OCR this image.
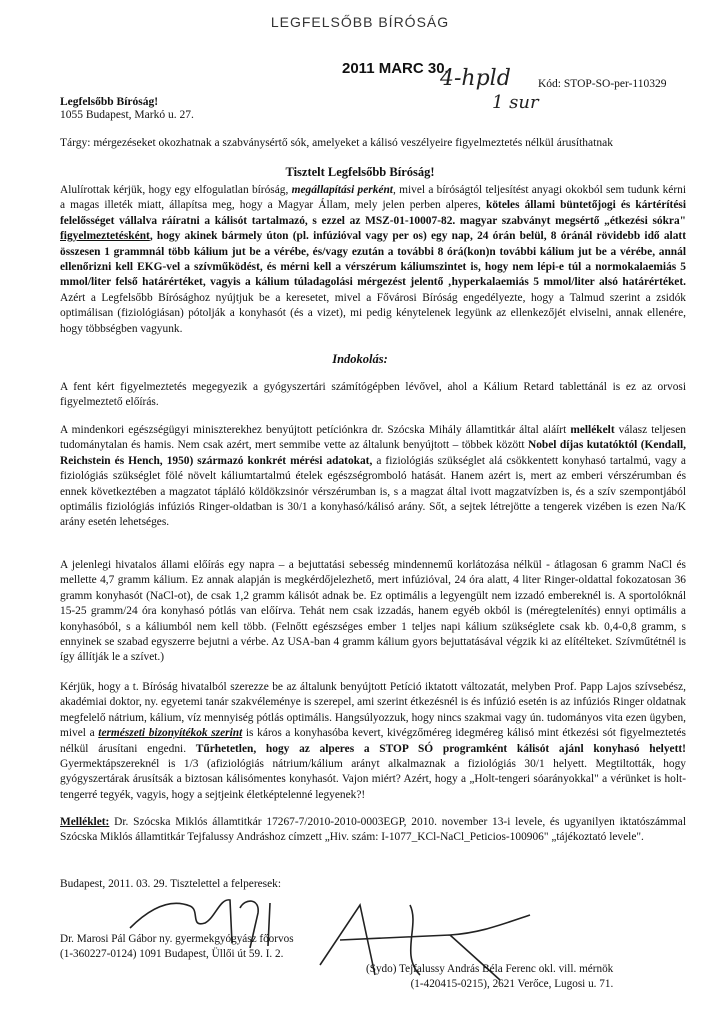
LEGFELSŐBB BÍRÓSÁG
2011 MARC 30.
4-hpld
1 sur
Kód: STOP-SO-per-110329
Legfelsőbb Bíróság!
1055 Budapest, Markó u. 27.
Tárgy: mérgezéseket okozhatnak a szabványsértő sók, amelyeket a kálisó veszélyeire figyelmeztetés nélkül árusíthatnak
Tisztelt Legfelsőbb Bíróság!
Alulírottak kérjük, hogy egy elfogulatlan bíróság, megállapítási perként, mivel a bíróságtól teljesítést anyagi okokból sem tudunk kérni a magas illeték miatt, állapítsa meg, hogy a Magyar Állam, mely jelen perben alperes, köteles állami büntetőjogi és kártérítési felelősséget vállalva ráíratni a kálisót tartalmazó, s ezzel az MSZ-01-10007-82. magyar szabványt megsértő „étkezési sókra" figyelmeztetésként, hogy akinek bármely úton (pl. infúzióval vagy per os) egy nap, 24 órán belül, 8 óránál rövidebb idő alatt összesen 1 grammnál több kálium jut be a vérébe, és/vagy ezután a további 8 órá(kon)n további kálium jut be a vérébe, annál ellenőrizni kell EKG-vel a szívműködést, és mérni kell a vérszérum káliumszintet is, hogy nem lépi-e túl a normokalaemiás 5 mmol/liter felső határértéket, vagyis a kálium túladagolási mérgezést jelentő ‚hyperkalaemiás 5 mmol/liter alsó határértéket. Azért a Legfelsőbb Bírósághoz nyújtjuk be a keresetet, mivel a Fővárosi Bíróság engedélyezte, hogy a Talmud szerint a zsidók optimálisan (fiziológiásan) pótolják a konyhasót (és a vizet), mi pedig kénytelenek legyünk az ellenkezőjét elviselni, annak ellenére, hogy többségben vagyunk.
Indokolás:
A fent kért figyelmeztetés megegyezik a gyógyszertári számítógépben lévővel, ahol a Kálium Retard tablettánál is ez az orvosi figyelmeztető előírás.
A mindenkori egészségügyi miniszterekhez benyújtott petíciónkra dr. Szócska Mihály államtitkár által aláírt mellékelt válasz teljesen tudománytalan és hamis. Nem csak azért, mert semmibe vette az általunk benyújtott – többek között Nobel díjas kutatóktól (Kendall, Reichstein és Hench, 1950) származó konkrét mérési adatokat, a fiziológiás szükséglet alá csökkentett konyhasó tartalmú, vagy a fiziológiás szükséglet fölé növelt káliumtartalmú ételek egészségromboló hatását. Hanem azért is, mert az emberi vérszérumban és ennek következtében a magzatot tápláló köldökzsinór vérszérumban is, s a magzat által ivott magzatvízben is, és a szív szempontjából optimális fiziológiás infúziós Ringer-oldatban is 30/1 a konyhasó/kálisó arány. Sőt, a sejtek létrejötte a tengerek vizében is ezen Na/K arány esetén lehetséges.
A jelenlegi hivatalos állami előírás egy napra – a bejuttatási sebesség mindennemű korlátozása nélkül - átlagosan 6 gramm NaCl és mellette 4,7 gramm kálium. Ez annak alapján is megkérdőjelezhető, mert infúzióval, 24 óra alatt, 4 liter Ringer-oldattal fokozatosan 36 gramm konyhasót (NaCl-ot), de csak 1,2 gramm kálisót adnak be. Ez optimális a legyengült nem izzadó embereknél is. A sportolóknál 15-25 gramm/24 óra konyhasó pótlás van előírva. Tehát nem csak izzadás, hanem egyéb okból is (méregtelenítés) ennyi optimális a konyhasóból, s a káliumból nem kell több. (Felnőtt egészséges ember 1 teljes napi kálium szükséglete csak kb. 0,4-0,8 gramm, s ennyinek se szabad egyszerre bejutni a vérbe. Az USA-ban 4 gramm kálium gyors bejuttatásával végzik ki az elítélteket. Szívműtétnél is így állítják le a szívet.)
Kérjük, hogy a t. Bíróság hivatalból szerezze be az általunk benyújtott Petíció iktatott változatát, melyben Prof. Papp Lajos szívsebész, akadémiai doktor, ny. egyetemi tanár szakvéleménye is szerepel, ami szerint étkezésnél is és infúzió esetén is az infúziós Ringer oldatnak megfelelő nátrium, kálium, víz mennyiség pótlás optimális. Hangsúlyozzuk, hogy nincs szakmai vagy ún. tudományos vita ezen ügyben, mivel a természeti bizonyítékok szerint is káros a konyhasóba kevert, kivégzőméreg idegméreg kálisó mint étkezési sót figyelmeztetés nélkül árusítani engedni. Tűrhetetlen, hogy az alperes a STOP SÓ programként kálisót ajánl konyhasó helyett! Gyermektápszereknél is 1/3 (afiziológiás nátrium/kálium arányt alkalmaznak a fiziológiás 30/1 helyett. Megtiltották, hogy gyógyszertárak árusítsák a biztosan kálisómentes konyhasót. Vajon miért? Azért, hogy a „Holt-tengeri sóarányokkal" a vérünket is holt-tengerré tegyék, vagyis, hogy a sejtjeink életképtelenné legyenek?!
Melléklet: Dr. Szócska Miklós államtitkár 17267-7/2010-2010-0003EGP, 2010. november 13-i levele, és ugyanilyen iktatószámmal Szócska Miklós államtitkár Tejfalussy Andráshoz címzett „Hiv. szám: I-1077_KCl-NaCl_Peticios-100906" „tájékoztató levele".
Budapest, 2011. 03. 29. Tisztelettel a felperesek:
Dr. Marosi Pál Gábor ny. gyermekgyógyász főorvos
(1-360227-0124) 1091 Budapest, Üllői út 59. I. 2.
(Sydo) Tejfalussy András Béla Ferenc okl. vill. mérnök
(1-420415-0215), 2621 Verőce, Lugosi u. 71.
